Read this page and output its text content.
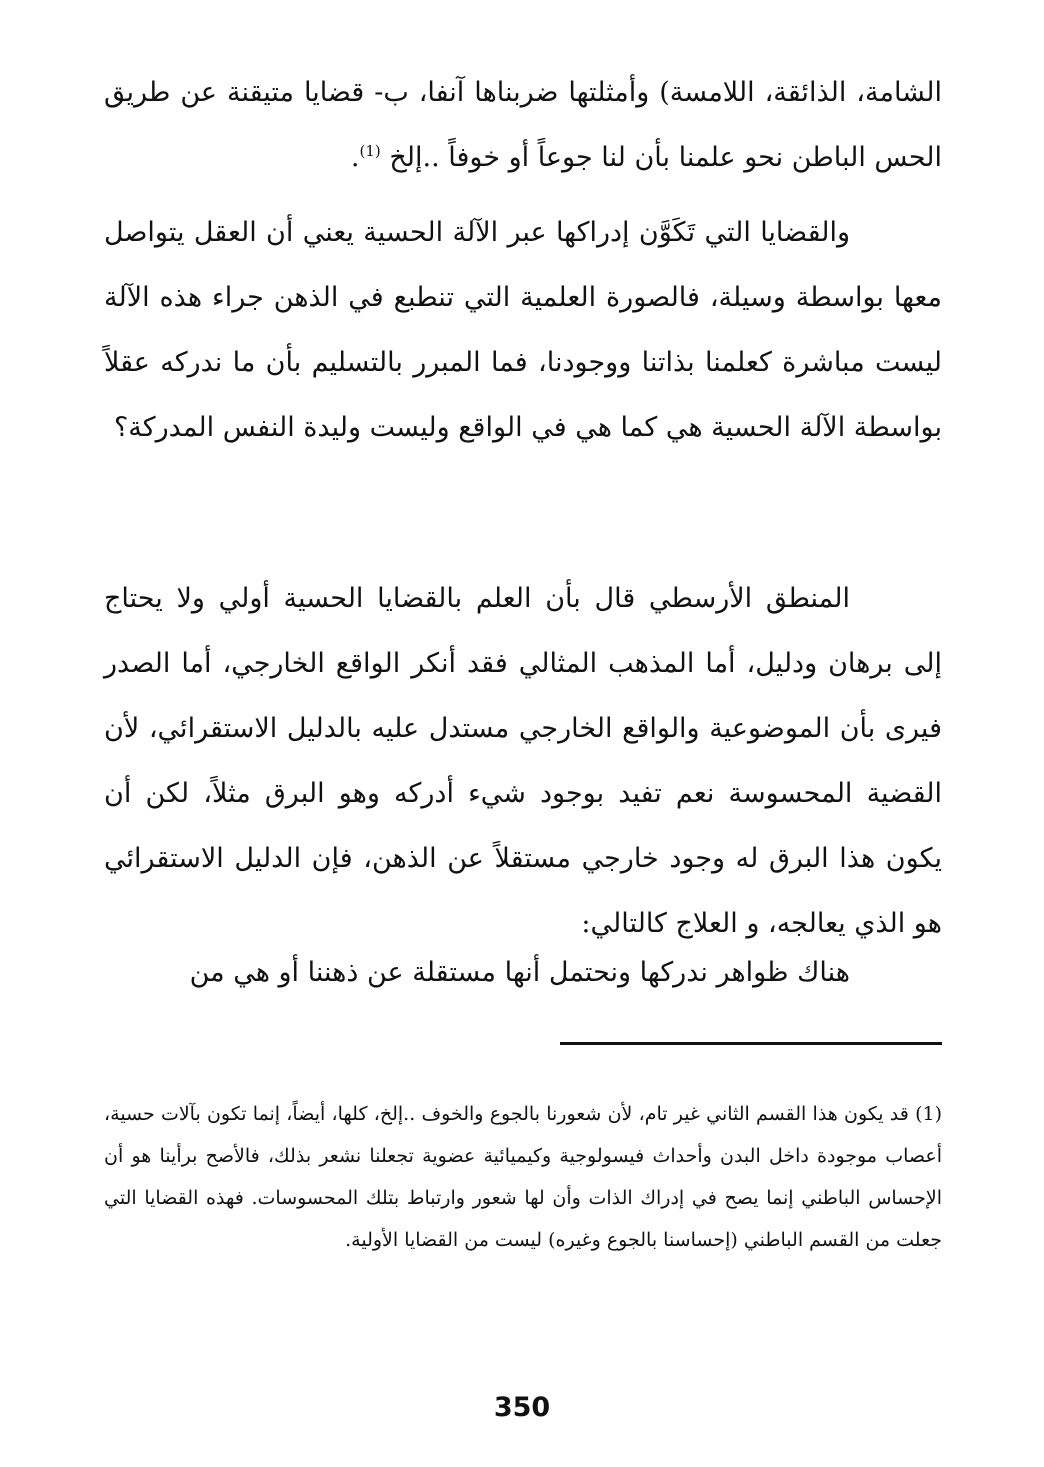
الشامة، الذائقة، اللامسة) وأمثلتها ضربناها آنفا، ب- قضايا متيقنة عن طريق الحس الباطن نحو علمنا بأن لنا جوعاً أو خوفاً ..إلخ $^{(1)}$.

والقضايا التي تَكَوَّن إدراكها عبر الآلة الحسية يعني أن العقل يتواصل معها بواسطة وسيلة، فالصورة العلمية التي تنطبع في الذهن جراء هذه الآلة ليست مباشرة كعلمنا بذاتنا ووجودنا، فما المبرر بالتسليم بأن ما ندركه عقلاً بواسطة الآلة الحسية هي كما هي في الواقع وليست وليدة النفس المدركة؟

المنطق الأرسطي قال بأن العلم بالقضايا الحسية أولي ولا يحتاج إلى برهان ودليل، أما المذهب المثالي فقد أنكر الواقع الخارجي، أما الصدر فيرى بأن الموضوعية والواقع الخارجي مستدل عليه بالدليل الاستقرائي، لأن القضية المحسوسة نعم تفيد بوجود شيء أدركه وهو البرق مثلاً، لكن أن يكون هذا البرق له وجود خارجي مستقلاً عن الذهن، فإن الدليل الاستقرائي هو الذي يعالجه، و العلاج كالتالي:

هناك ظواهر ندركها ونحتمل أنها مستقلة عن ذهننا أو هي من

(1) قد يكون هذا القسم الثاني غير تام، لأن شعورنا بالجوع والخوف ..إلخ، كلها، أيضاً، إنما تكون بآلات حسية، أعصاب موجودة داخل البدن وأحداث فيسولوجية وكيميائية عضوية تجعلنا نشعر بذلك، فالأصح برأينا هو أن الإحساس الباطني إنما يصح في إدراك الذات وأن لها شعور وارتباط بتلك المحسوسات. فهذه القضايا التي جعلت من القسم الباطني (إحساسنا بالجوع وغيره) ليست من القضايا الأولية.

350
